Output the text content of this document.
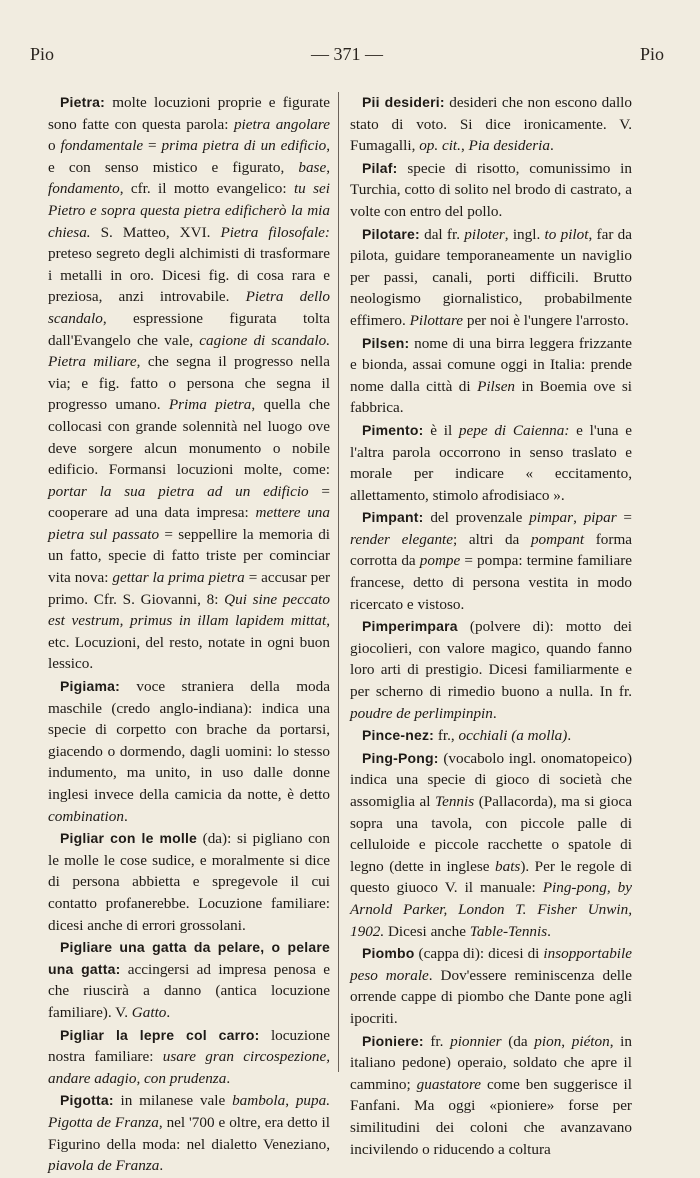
Pio	— 371 —	Pio

Pietra: molte locuzioni proprie e figurate sono fatte con questa parola: pietra angolare o fondamentale = prima pietra di un edificio, e con senso mistico e figurato, base, fondamento, cfr. il motto evangelico: tu sei Pietro e sopra questa pietra edificherò la mia chiesa. S. Matteo, XVI. Pietra filosofale: preteso segreto degli alchimisti di trasformare i metalli in oro. Dicesi fig. di cosa rara e preziosa, anzi introvabile. Pietra dello scandalo, espressione figurata tolta dall'Evangelo che vale, cagione di scandalo. Pietra miliare, che segna il progresso nella via; e fig. fatto o persona che segna il progresso umano. Prima pietra, quella che collocasi con grande solennità nel luogo ove deve sorgere alcun monumento o nobile edificio. Formansi locuzioni molte, come: portar la sua pietra ad un edificio = cooperare ad una data impresa: mettere una pietra sul passato = seppellire la memoria di un fatto, specie di fatto triste per cominciar vita nova: gettar la prima pietra = accusar per primo. Cfr. S. Giovanni, 8: Qui sine peccato est vestrum, primus in illam lapidem mittat, etc. Locuzioni, del resto, notate in ogni buon lessico.

Pigiama: voce straniera della moda maschile (credo anglo-indiana): indica una specie di corpetto con brache da portarsi, giacendo o dormendo, dagli uomini: lo stesso indumento, ma unito, in uso dalle donne inglesi invece della camicia da notte, è detto combination.

Pigliar con le molle (da): si pigliano con le molle le cose sudice, e moralmente si dice di persona abbietta e spregevole il cui contatto profanerebbe. Locuzione familiare: dicesi anche di errori grossolani.

Pigliare una gatta da pelare, o pelare una gatta: accingersi ad impresa penosa e che riuscirà a danno (antica locuzione familiare). V. Gatto.

Pigliar la lepre col carro: locuzione nostra familiare: usare gran circospezione, andare adagio, con prudenza.

Pigotta: in milanese vale bambola, pupa. Pigotta de Franza, nel '700 e oltre, era detto il Figurino della moda: nel dialetto Veneziano, piavola de Franza.

Pii desideri: desideri che non escono dallo stato di voto. Si dice ironicamente. V. Fumagalli, op. cit., Pia desideria.

Pilaf: specie di risotto, comunissimo in Turchia, cotto di solito nel brodo di castrato, a volte con entro del pollo.

Pilotare: dal fr. piloter, ingl. to pilot, far da pilota, guidare temporaneamente un naviglio per passi, canali, porti difficili. Brutto neologismo giornalistico, probabilmente effimero. Pilottare per noi è l'ungere l'arrosto.

Pilsen: nome di una birra leggera frizzante e bionda, assai comune oggi in Italia: prende nome dalla città di Pilsen in Boemia ove si fabbrica.

Pimento: è il pepe di Caienna: e l'una e l'altra parola occorrono in senso traslato e morale per indicare « eccitamento, allettamento, stimolo afrodisiaco ».

Pimpant: del provenzale pimpar, pipar = render elegante; altri da pompant forma corrotta da pompe = pompa: termine familiare francese, detto di persona vestita in modo ricercato e vistoso.

Pimperimpara (polvere di): motto dei giocolieri, con valore magico, quando fanno loro arti di prestigio. Dicesi familiarmente e per scherno di rimedio buono a nulla. In fr. poudre de perlimpinpin.

Pince-nez: fr., occhiali (a molla).

Ping-Pong: (vocabolo ingl. onomatopeico) indica una specie di gioco di società che assomiglia al Tennis (Pallacorda), ma si gioca sopra una tavola, con piccole palle di celluloide e piccole racchette o spatole di legno (dette in inglese bats). Per le regole di questo giuoco V. il manuale: Ping-pong, by Arnold Parker, London T. Fisher Unwin, 1902. Dicesi anche Table-Tennis.

Piombo (cappa di): dicesi di insopportabile peso morale. Dov'essere reminiscenza delle orrende cappe di piombo che Dante pone agli ipocriti.

Pioniere: fr. pionnier (da pion, piéton, in italiano pedone) operaio, soldato che apre il cammino; guastatore come ben suggerisce il Fanfani. Ma oggi «pioniere» forse per similitudini dei coloni che avanzavano incivilendo o riducendo a coltura
